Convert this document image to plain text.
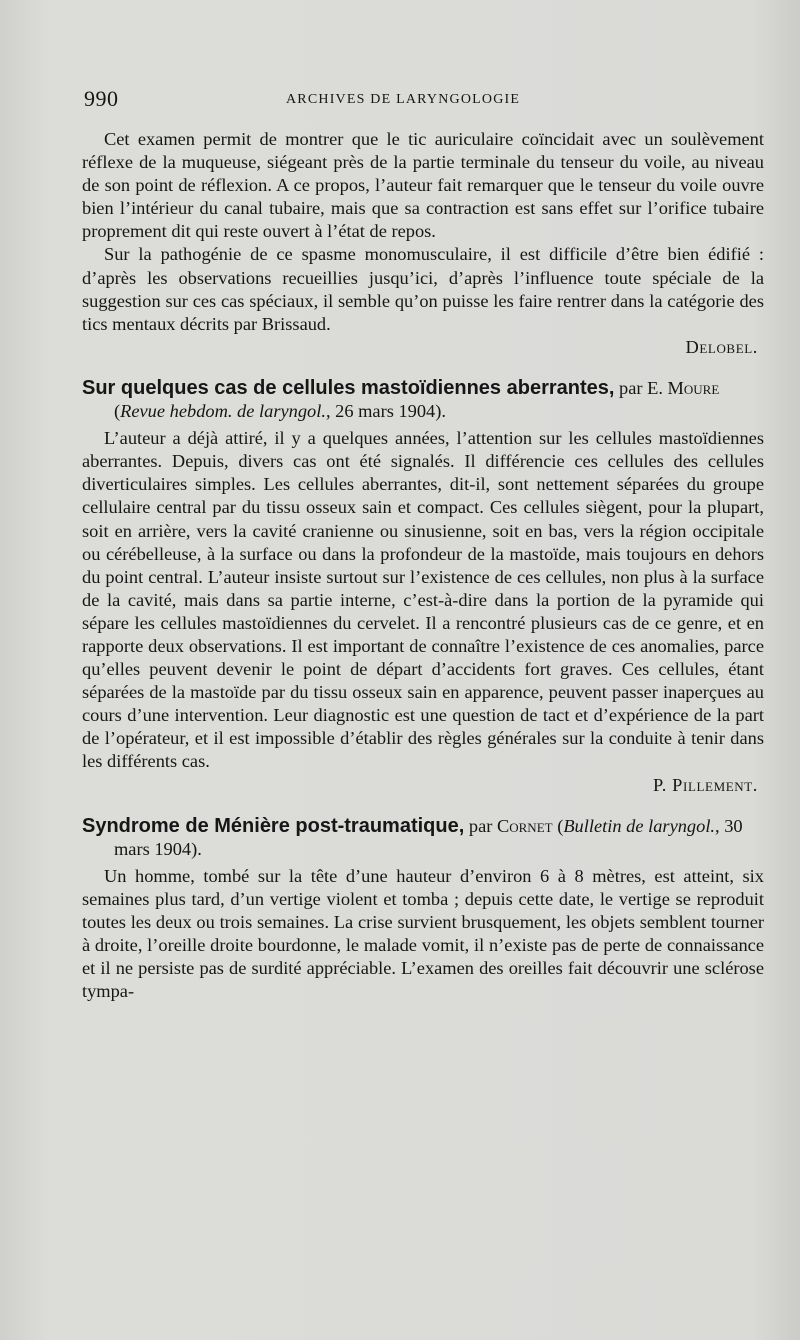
990	ARCHIVES DE LARYNGOLOGIE

Cet examen permit de montrer que le tic auriculaire coïncidait avec un soulèvement réflexe de la muqueuse, siégeant près de la partie terminale du tenseur du voile, au niveau de son point de réflexion. A ce propos, l’auteur fait remarquer que le tenseur du voile ouvre bien l’intérieur du canal tubaire, mais que sa contraction est sans effet sur l’orifice tubaire proprement dit qui reste ouvert à l’état de repos.

Sur la pathogénie de ce spasme monomusculaire, il est difficile d’être bien édifié : d’après les observations recueillies jusqu’ici, d’après l’influence toute spéciale de la suggestion sur ces cas spéciaux, il semble qu’on puisse les faire rentrer dans la catégorie des tics mentaux décrits par Brissaud.

Delobel.
Sur quelques cas de cellules mastoïdiennes aberrantes, par E. Moure (Revue hebdom. de laryngol., 26 mars 1904).

L’auteur a déjà attiré, il y a quelques années, l’attention sur les cellules mastoïdiennes aberrantes. Depuis, divers cas ont été signalés. Il différencie ces cellules des cellules diverticulaires simples. Les cellules aberrantes, dit-il, sont nettement séparées du groupe cellulaire central par du tissu osseux sain et compact. Ces cellules siègent, pour la plupart, soit en arrière, vers la cavité cranienne ou sinusienne, soit en bas, vers la région occipitale ou cérébelleuse, à la surface ou dans la profondeur de la mastoïde, mais toujours en dehors du point central. L’auteur insiste surtout sur l’existence de ces cellules, non plus à la surface de la cavité, mais dans sa partie interne, c’est-à-dire dans la portion de la pyramide qui sépare les cellules mastoïdiennes du cervelet. Il a rencontré plusieurs cas de ce genre, et en rapporte deux observations. Il est important de connaître l’existence de ces anomalies, parce qu’elles peuvent devenir le point de départ d’accidents fort graves. Ces cellules, étant séparées de la mastoïde par du tissu osseux sain en apparence, peuvent passer inaperçues au cours d’une intervention. Leur diagnostic est une question de tact et d’expérience de la part de l’opérateur, et il est impossible d’établir des règles générales sur la conduite à tenir dans les différents cas.

P. Pillement.
Syndrome de Ménière post-traumatique, par Cornet (Bulletin de laryngol., 30 mars 1904).

Un homme, tombé sur la tête d’une hauteur d’environ 6 à 8 mètres, est atteint, six semaines plus tard, d’un vertige violent et tomba ; depuis cette date, le vertige se reproduit toutes les deux ou trois semaines. La crise survient brusquement, les objets semblent tourner à droite, l’oreille droite bourdonne, le malade vomit, il n’existe pas de perte de connaissance et il ne persiste pas de surdité appréciable. L’examen des oreilles fait découvrir une sclérose tympa-
